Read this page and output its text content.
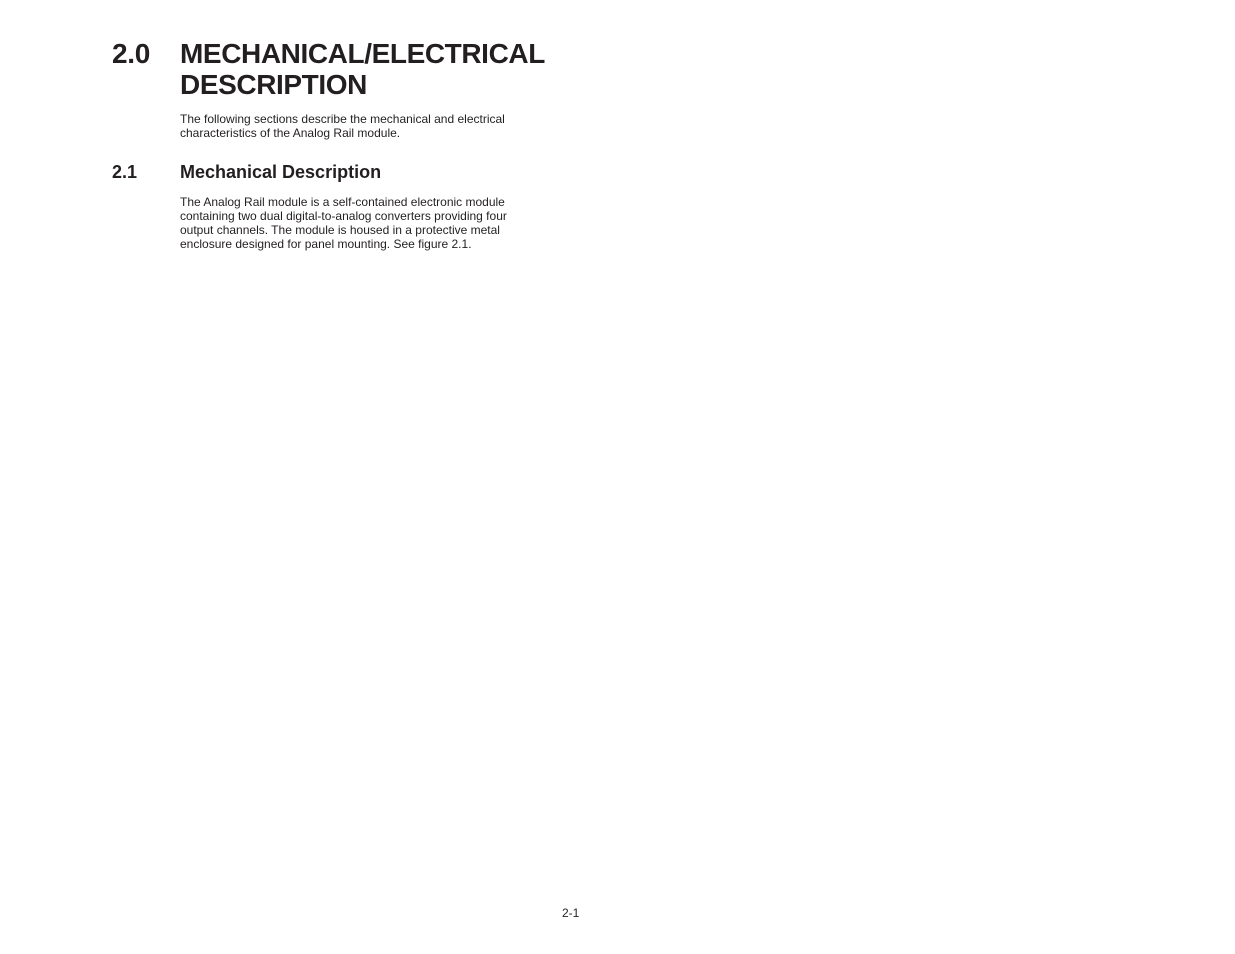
2.0 MECHANICAL/ELECTRICAL
DESCRIPTION
The following sections describe the mechanical and electrical
characteristics of the Analog Rail module.
2.1 Mechanical Description
The Analog Rail module is a self-contained electronic module
containing two dual digital-to-analog converters providing four
output channels. The module is housed in a protective metal
enclosure designed for panel mounting. See figure 2.1.
2-1
